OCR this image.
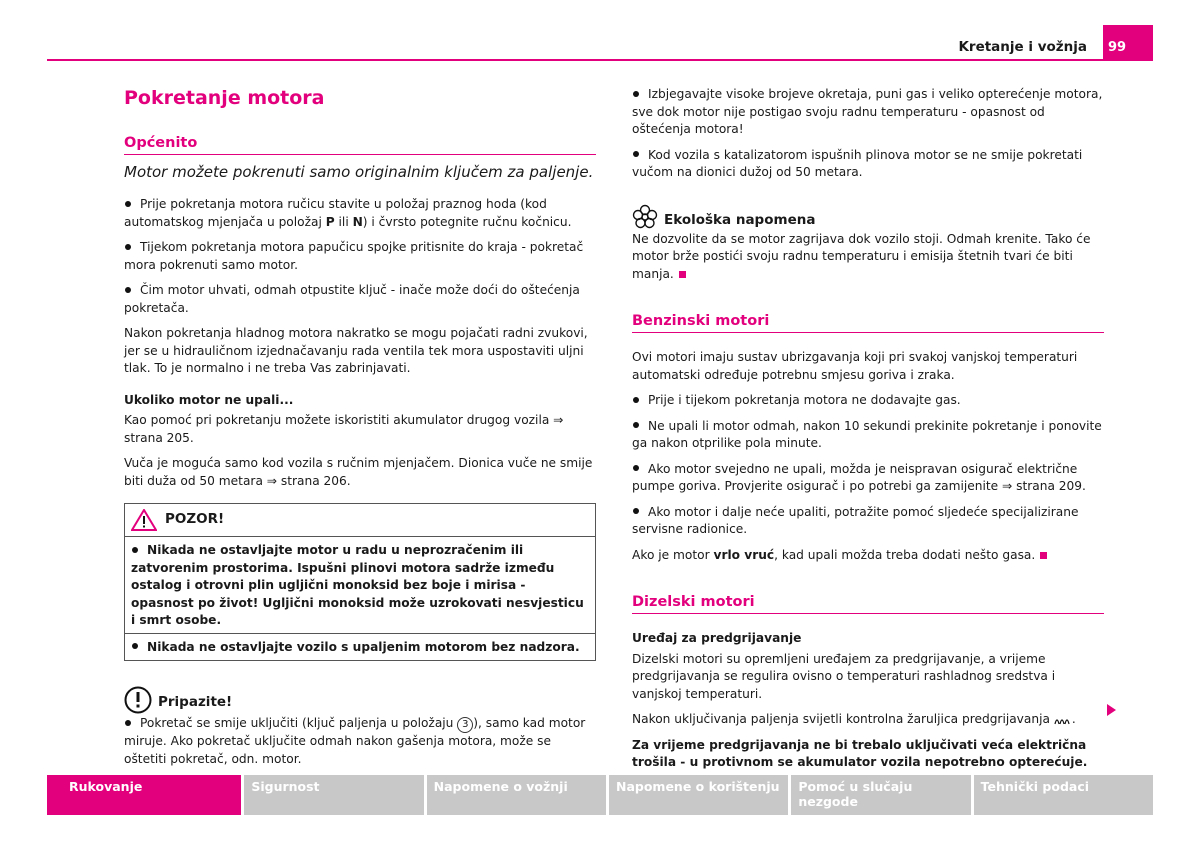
Kretanje i vožnja	99
Pokretanje motora
Općenito
Motor možete pokrenuti samo originalnim ključem za paljenje.

Prije pokretanja motora ručicu stavite u položaj praznog hoda (kod automatskog mjenjača u položaj P ili N) i čvrsto potegnite ručnu kočnicu.

Tijekom pokretanja motora papučicu spojke pritisnite do kraja - pokretač mora pokrenuti samo motor.

Čim motor uhvati, odmah otpustite ključ - inače može doći do oštećenja pokretača.

Nakon pokretanja hladnog motora nakratko se mogu pojačati radni zvukovi, jer se u hidrauličnom izjednačavanju rada ventila tek mora uspostaviti uljni tlak. To je normalno i ne treba Vas zabrinjavati.

Ukoliko motor ne upali...

Kao pomoć pri pokretanju možete iskoristiti akumulator drugog vozila ⇒ strana 205.

Vuča je moguća samo kod vozila s ručnim mjenjačem. Dionica vuče ne smije biti duža od 50 metara ⇒ strana 206.

POZOR!

Nikada ne ostavljajte motor u radu u neprozračenim ili zatvorenim prostorima. Ispušni plinovi motora sadrže između ostalog i otrovni plin ugljični monoksid bez boje i mirisa - opasnost po život! Ugljični monoksid može uzrokovati nesvjesticu i smrt osobe.

Nikada ne ostavljajte vozilo s upaljenim motorom bez nadzora.

Pripazite!

Pokretač se smije uključiti (ključ paljenja u položaju 3 ), samo kad motor miruje. Ako pokretač uključite odmah nakon gašenja motora, može se oštetiti pokretač, odn. motor.

Izbjegavajte visoke brojeve okretaja, puni gas i veliko opterećenje motora, sve dok motor nije postigao svoju radnu temperaturu - opasnost od oštećenja motora!

Kod vozila s katalizatorom ispušnih plinova motor se ne smije pokretati vučom na dionici dužoj od 50 metara.

Ekološka napomena

Ne dozvolite da se motor zagrijava dok vozilo stoji. Odmah krenite. Tako će motor brže postići svoju radnu temperaturu i emisija štetnih tvari će biti manja.

Benzinski motori

Ovi motori imaju sustav ubrizgavanja koji pri svakoj vanjskoj temperaturi automatski određuje potrebnu smjesu goriva i zraka.

Prije i tijekom pokretanja motora ne dodavajte gas.

Ne upali li motor odmah, nakon 10 sekundi prekinite pokretanje i ponovite ga nakon otprilike pola minute.

Ako motor svejedno ne upali, možda je neispravan osigurač električne pumpe goriva. Provjerite osigurač i po potrebi ga zamijenite ⇒ strana 209.

Ako motor i dalje neće upaliti, potražite pomoć sljedeće specijalizirane servisne radionice.

Ako je motor vrlo vruć, kad upali možda treba dodati nešto gasa.

Dizelski motori
Uređaj za predgrijavanje

Dizelski motori su opremljeni uređajem za predgrijavanje, a vrijeme predgrijavanja se regulira ovisno o temperaturi rashladnog sredstva i vanjskoj temperaturi.

Nakon uključivanja paljenja svijetli kontrolna žaruljica predgrijavanja .

Za vrijeme predgrijavanja ne bi trebalo uključivati veća električna trošila - u protivnom se akumulator vozila nepotrebno opterećuje.

Rukovanje	Sigurnost	Napomene o vožnji	Napomene o korištenju	Pomoć u slučaju nezgode
Tehnički podaci
